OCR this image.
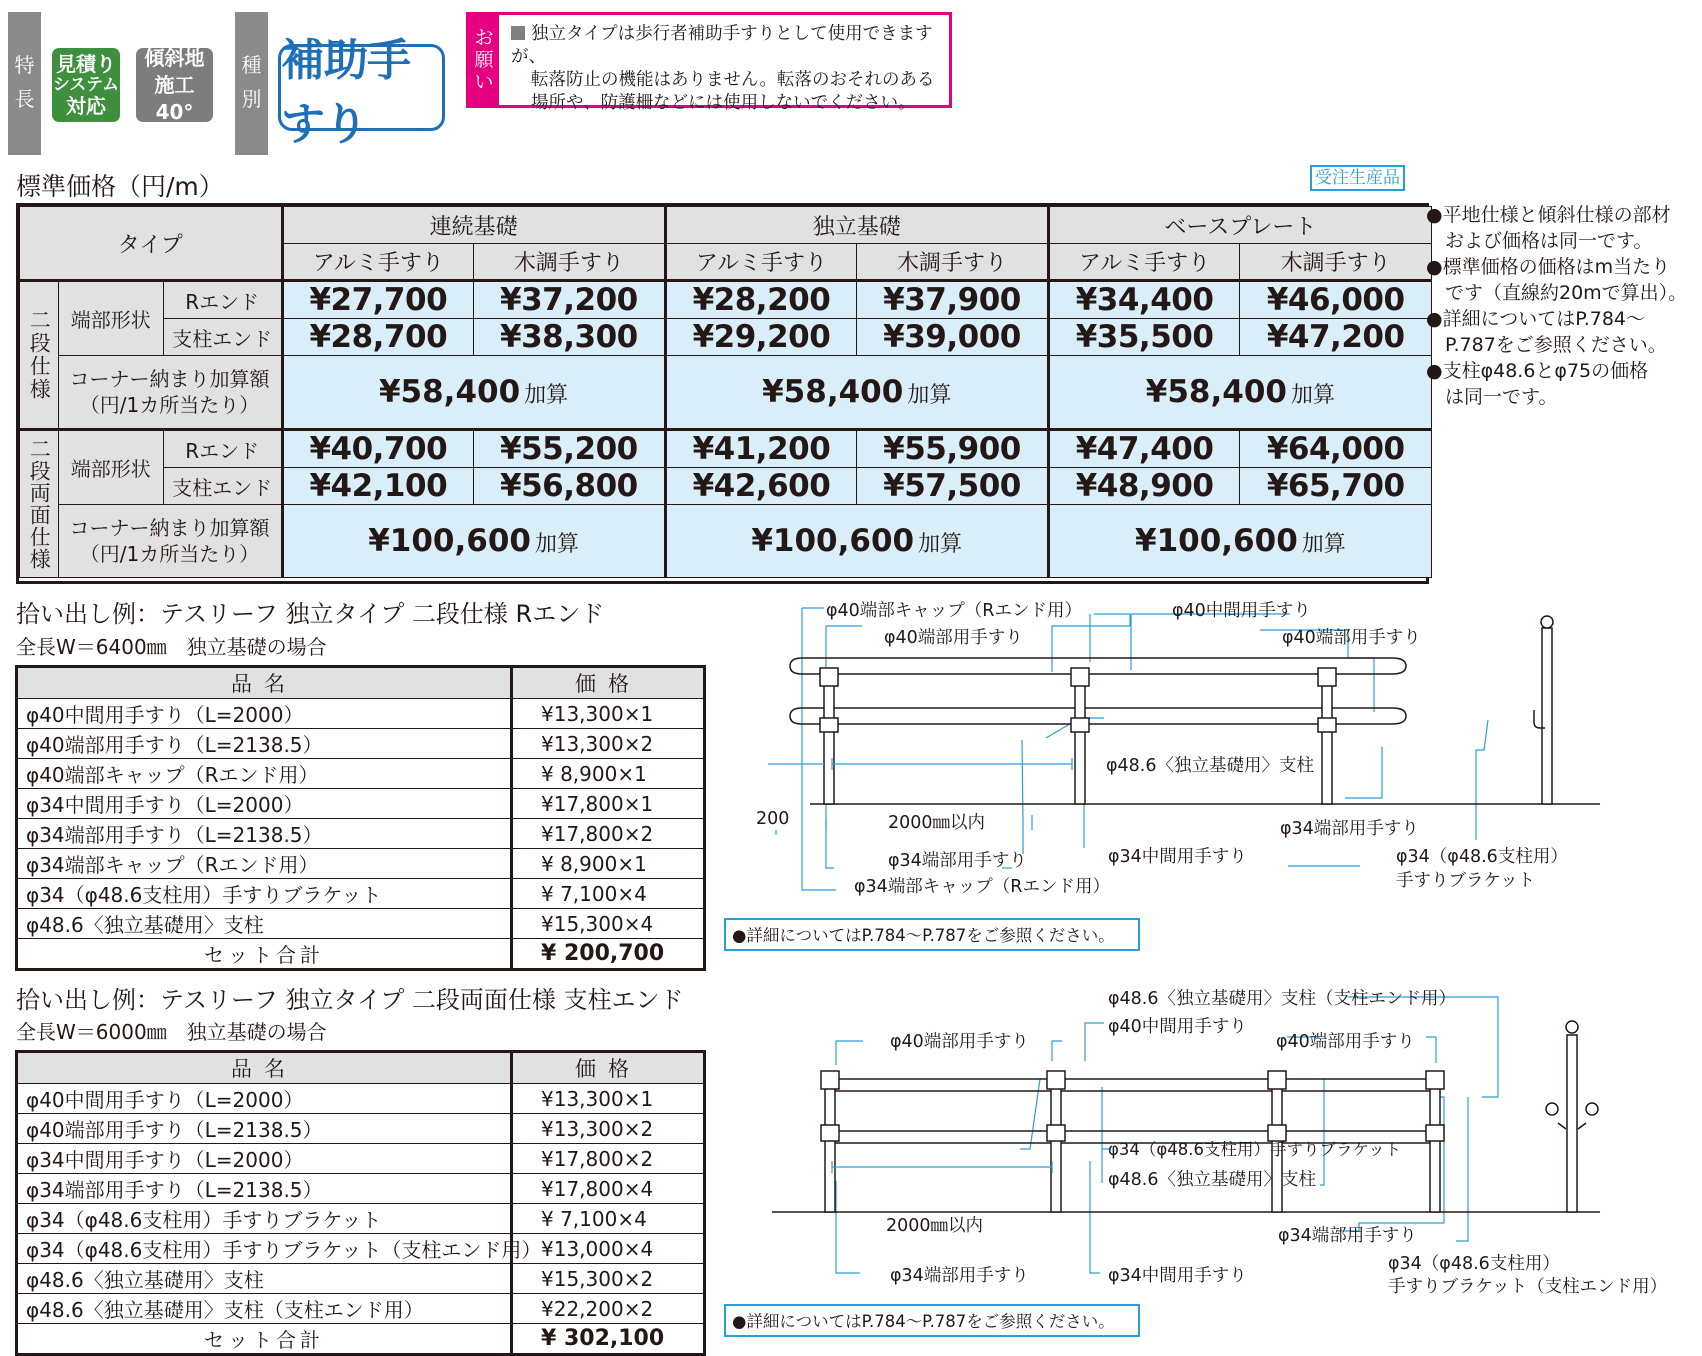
特
長
見積り
システム
対応
傾斜地
施工40°
種
別
補助手すり
お
願
い
独立タイプは歩行者補助手すりとして使用できますが、
転落防止の機能はありません。転落のおそれのある
場所や、防護柵などには使用しないでください。
標準価格（円/m）	受注生産品
タイプ			連続基礎		独立基礎		ベースプレート	
			アルミ手すり	木調手すり	アルミ手すり	木調手すり	アルミ手すり	木調手すり

二段仕様	端部形状	Rエンド	¥27,700	¥37,200	¥28,200	¥37,900	¥34,400	¥46,000
		支柱エンド	¥28,700	¥38,300	¥29,200	¥39,000	¥35,500	¥47,200

	コーナー納まり加算額
（円/1カ所当たり）		¥58,400 加算		¥58,400 加算		¥58,400 加算	

二段両面仕様	端部形状	Rエンド	¥40,700	¥55,200	¥41,200	¥55,900	¥47,400	¥64,000
		支柱エンド	¥42,100	¥56,800	¥42,600	¥57,500	¥48,900	¥65,700

	コーナー納まり加算額
（円/1カ所当たり）		¥100,600 加算		¥100,600 加算		¥100,600 加算	
●平地仕様と傾斜仕様の部材
　および価格は同一です。
●標準価格の価格はm当たり
　です（直線約20mで算出）。
●詳細についてはP.784～
　P.787をご参照ください。
●支柱φ48.6とφ75の価格
　は同一です。
拾い出し例：テスリーフ 独立タイプ 二段仕様 Rエンド
全長W＝6400㎜　独立基礎の場合
品名	価格
φ40中間用手すり（L=2000）	¥13,300×1
φ40端部用手すり（L=2138.5）	¥13,300×2
φ40端部キャップ（Rエンド用）	¥ 8,900×1
φ34中間用手すり（L=2000）	¥17,800×1
φ34端部用手すり（L=2138.5）	¥17,800×2
φ34端部キャップ（Rエンド用）	¥ 8,900×1
φ34（φ48.6支柱用）手すりブラケット	¥ 7,100×4
φ48.6〈独立基礎用〉支柱	¥15,300×4
セット合計	¥ 200,700
●詳細についてはP.784～P.787をご参照ください。
φ40端部キャップ（Rエンド用）
φ40端部用手すり
φ40中間用手すり
φ40端部用手すり
φ48.6〈独立基礎用〉支柱
200	2000㎜以内
φ34端部用手すり
φ34端部用手すり
φ34中間用手すり	φ34（φ48.6支柱用）
手すりブラケット
φ34端部キャップ（Rエンド用）
拾い出し例：テスリーフ 独立タイプ 二段両面仕様 支柱エンド
全長W＝6000㎜　独立基礎の場合
品名	価格
φ40中間用手すり（L=2000）	¥13,300×1
φ40端部用手すり（L=2138.5）	¥13,300×2
φ34中間用手すり（L=2000）	¥17,800×2
φ34端部用手すり（L=2138.5）	¥17,800×4
φ34（φ48.6支柱用）手すりブラケット	¥ 7,100×4
φ34（φ48.6支柱用）手すりブラケット（支柱エンド用）	¥13,000×4
φ48.6〈独立基礎用〉支柱	¥15,300×2
φ48.6〈独立基礎用〉支柱（支柱エンド用）	¥22,200×2
セット合計	¥ 302,100
●詳細についてはP.784～P.787をご参照ください。
φ48.6〈独立基礎用〉支柱（支柱エンド用）
φ40中間用手すり
φ40端部用手すり	φ40端部用手すり
φ34（φ48.6支柱用）手すりブラケット
φ48.6〈独立基礎用〉支柱
2000㎜以内
φ34端部用手すり
φ34端部用手すり
φ34中間用手すり
φ34（φ48.6支柱用）
手すりブラケット（支柱エンド用）
